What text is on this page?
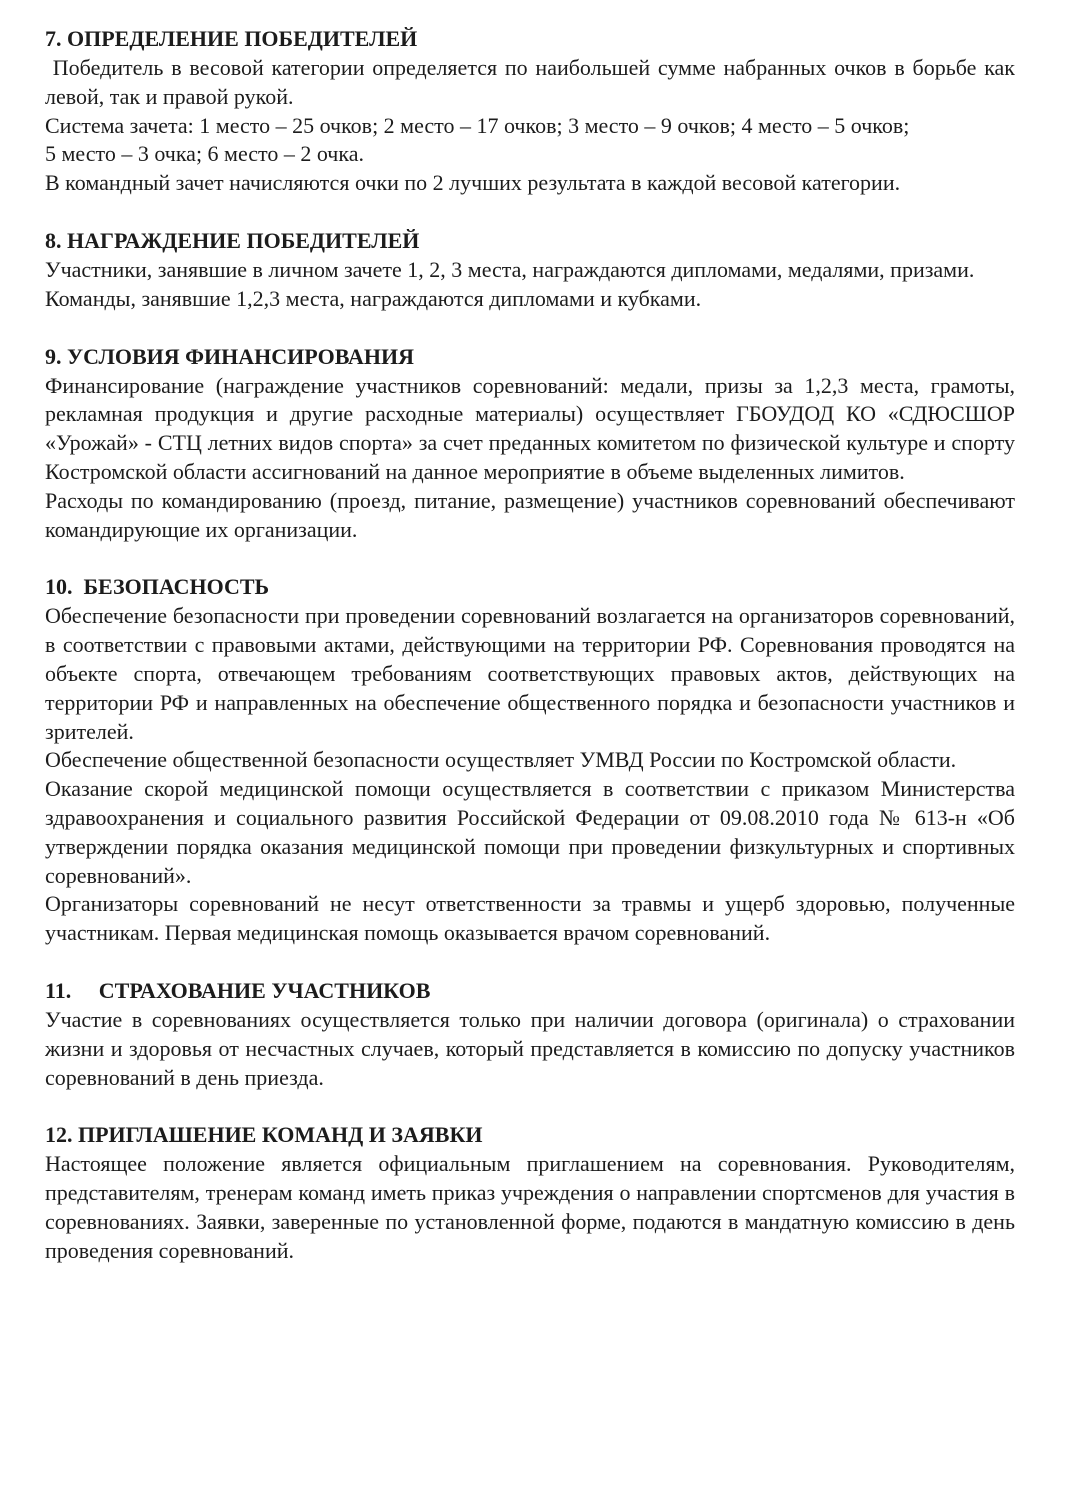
7. ОПРЕДЕЛЕНИЕ ПОБЕДИТЕЛЕЙ

Победитель в весовой категории определяется по наибольшей сумме набранных очков в борьбе как левой, так и правой рукой.

Система зачета: 1 место – 25 очков; 2 место – 17 очков; 3 место – 9 очков; 4 место – 5 очков;

5 место – 3 очка; 6 место – 2 очка.

В командный зачет начисляются очки по 2 лучших результата в каждой весовой категории.

8. НАГРАЖДЕНИЕ ПОБЕДИТЕЛЕЙ

Участники, занявшие в личном зачете 1, 2, 3 места, награждаются дипломами, медалями, призами.

Команды, занявшие 1,2,3 места, награждаются дипломами и кубками.

9. УСЛОВИЯ ФИНАНСИРОВАНИЯ

Финансирование (награждение участников соревнований: медали, призы за 1,2,3 места, грамоты, рекламная продукция и другие расходные материалы) осуществляет ГБОУДОД КО «СДЮСШОР «Урожай» - СТЦ летних видов спорта» за счет преданных комитетом по физической культуре и спорту Костромской области ассигнований на данное мероприятие в объеме выделенных лимитов.

Расходы по командированию (проезд, питание, размещение) участников соревнований обеспечивают командирующие их организации.

10.  БЕЗОПАСНОСТЬ

Обеспечение безопасности при проведении соревнований возлагается на организаторов соревнований, в соответствии с правовыми актами, действующими на территории РФ. Соревнования проводятся на объекте спорта, отвечающем требованиям соответствующих правовых актов, действующих на территории РФ и направленных на обеспечение общественного порядка и безопасности участников и зрителей.

Обеспечение общественной безопасности осуществляет УМВД России по Костромской области.

Оказание скорой медицинской помощи осуществляется в соответствии с приказом Министерства здравоохранения и социального развития Российской Федерации от 09.08.2010 года № 613-н «Об утверждении порядка оказания медицинской помощи при проведении физкультурных и спортивных соревнований».

Организаторы соревнований не несут ответственности за травмы и ущерб здоровью, полученные участникам. Первая медицинская помощь оказывается врачом соревнований.

11.     СТРАХОВАНИЕ УЧАСТНИКОВ

Участие в соревнованиях осуществляется только при наличии договора (оригинала) о страховании жизни и здоровья от несчастных случаев, который представляется в комиссию по допуску участников соревнований в день приезда.

12. ПРИГЛАШЕНИЕ КОМАНД И ЗАЯВКИ

Настоящее положение является официальным приглашением на соревнования. Руководителям, представителям, тренерам команд иметь приказ учреждения о направлении спортсменов для участия в соревнованиях. Заявки, заверенные по установленной форме, подаются в мандатную комиссию в день проведения соревнований.
